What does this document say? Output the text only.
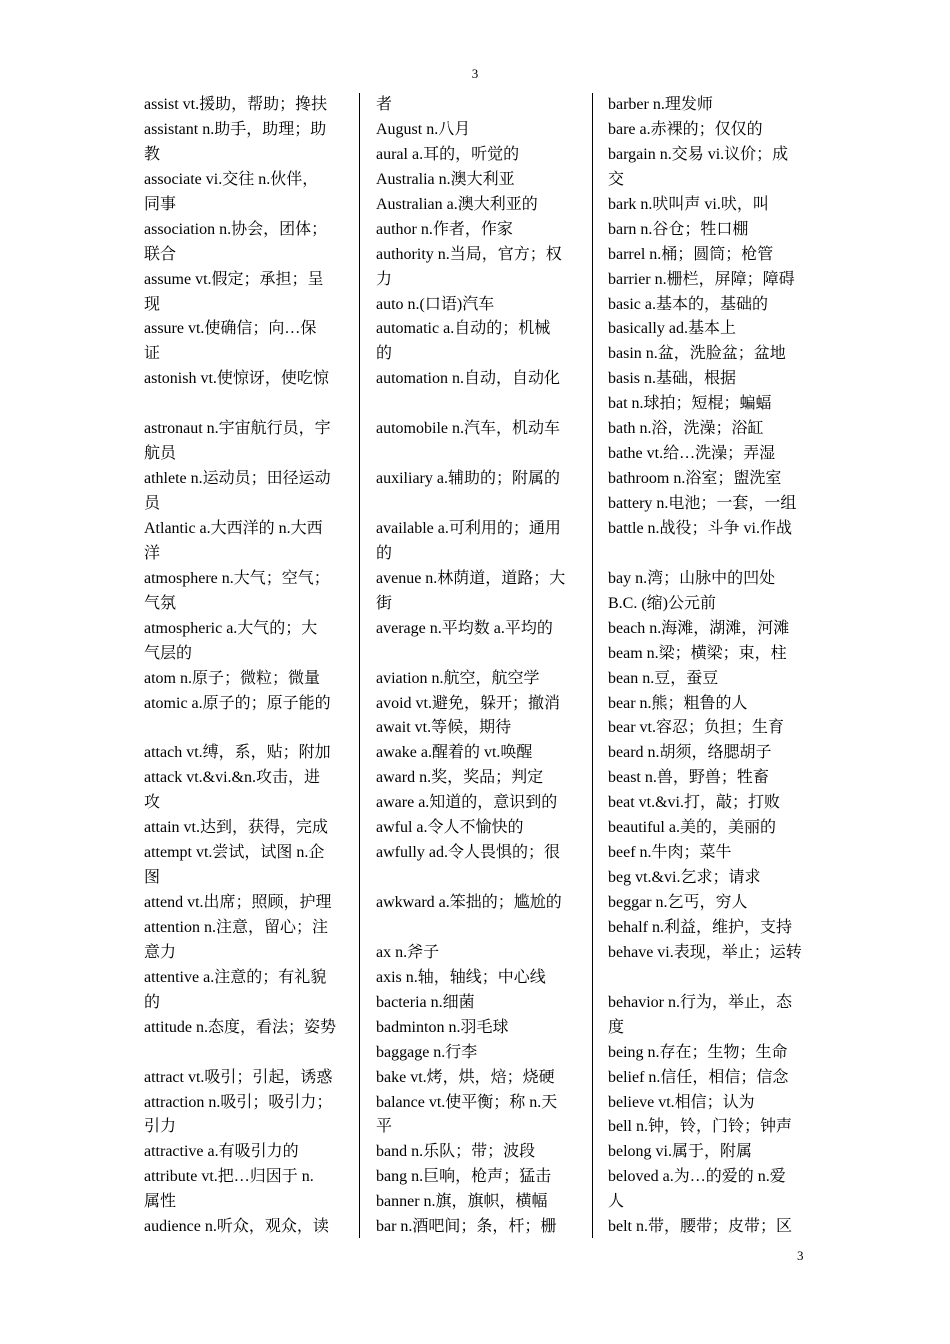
3
assist vt.援助，帮助；搀扶
assistant n.助手，助理；助
教
associate vi.交往 n.伙伴，
同事
association n.协会，团体；
联合
assume vt.假定；承担；呈
现
assure vt.使确信；向…保
证
astonish vt.使惊讶，使吃惊
astronaut n.宇宙航行员，宇
航员
athlete n.运动员；田径运动
员
Atlantic a.大西洋的 n.大西
洋
atmosphere n.大气；空气；
气氛
atmospheric a.大气的；大
气层的
atom n.原子；微粒；微量
atomic a.原子的；原子能的
attach vt.缚，系，贴；附加
attack vt.&vi.&n.攻击，进
攻
attain vt.达到，获得，完成
attempt vt.尝试，试图 n.企
图
attend vt.出席；照顾，护理
attention n.注意，留心；注
意力
attentive a.注意的；有礼貌
的
attitude n.态度，看法；姿势
attract vt.吸引；引起，诱惑
attraction n.吸引；吸引力；
引力
attractive a.有吸引力的
attribute vt.把…归因于 n.
属性
audience n.听众，观众，读
者
August n.八月
aural a.耳的，听觉的
Australia n.澳大利亚
Australian a.澳大利亚的
author n.作者，作家
authority n.当局，官方；权
力
auto n.(口语)汽车
automatic a.自动的；机械
的
automation n.自动，自动化
automobile n.汽车，机动车
auxiliary a.辅助的；附属的
available a.可利用的；通用
的
avenue n.林荫道，道路；大
街
average n.平均数 a.平均的
aviation n.航空，航空学
avoid vt.避免，躲开；撤消
await vt.等候，期待
awake a.醒着的 vt.唤醒
award n.奖，奖品；判定
aware a.知道的，意识到的
awful a.令人不愉快的
awfully ad.令人畏惧的；很
awkward a.笨拙的；尴尬的
ax n.斧子
axis n.轴，轴线；中心线
bacteria n.细菌
badminton n.羽毛球
baggage n.行李
bake vt.烤，烘，焙；烧硬
balance vt.使平衡；称 n.天
平
band n.乐队；带；波段
bang n.巨响，枪声；猛击
banner n.旗，旗帜，横幅
bar n.酒吧间；条，杆；栅
barber n.理发师
bare a.赤裸的；仅仅的
bargain n.交易 vi.议价；成
交
bark n.吠叫声 vi.吠，叫
barn n.谷仓；牲口棚
barrel n.桶；圆筒；枪管
barrier n.栅栏，屏障；障碍
basic a.基本的，基础的
basically ad.基本上
basin n.盆，洗脸盆；盆地
basis n.基础，根据
bat n.球拍；短棍；蝙蝠
bath n.浴，洗澡；浴缸
bathe vt.给…洗澡；弄湿
bathroom n.浴室；盥洗室
battery n.电池；一套，一组
battle n.战役；斗争 vi.作战
bay n.湾；山脉中的凹处
B.C. (缩)公元前
beach n.海滩，湖滩，河滩
beam n.梁；横梁；束，柱
bean n.豆，蚕豆
bear n.熊；粗鲁的人
bear vt.容忍；负担；生育
beard n.胡须，络腮胡子
beast n.兽，野兽；牲畜
beat vt.&vi.打，敲；打败
beautiful a.美的，美丽的
beef n.牛肉；菜牛
beg vt.&vi.乞求；请求
beggar n.乞丐，穷人
behalf n.利益，维护，支持
behave vi.表现，举止；运转
behavior n.行为，举止，态
度
being n.存在；生物；生命
belief n.信任，相信；信念
believe vt.相信；认为
bell n.钟，铃，门铃；钟声
belong vi.属于，附属
beloved a.为…的爱的 n.爱
人
belt n.带，腰带；皮带；区
3
